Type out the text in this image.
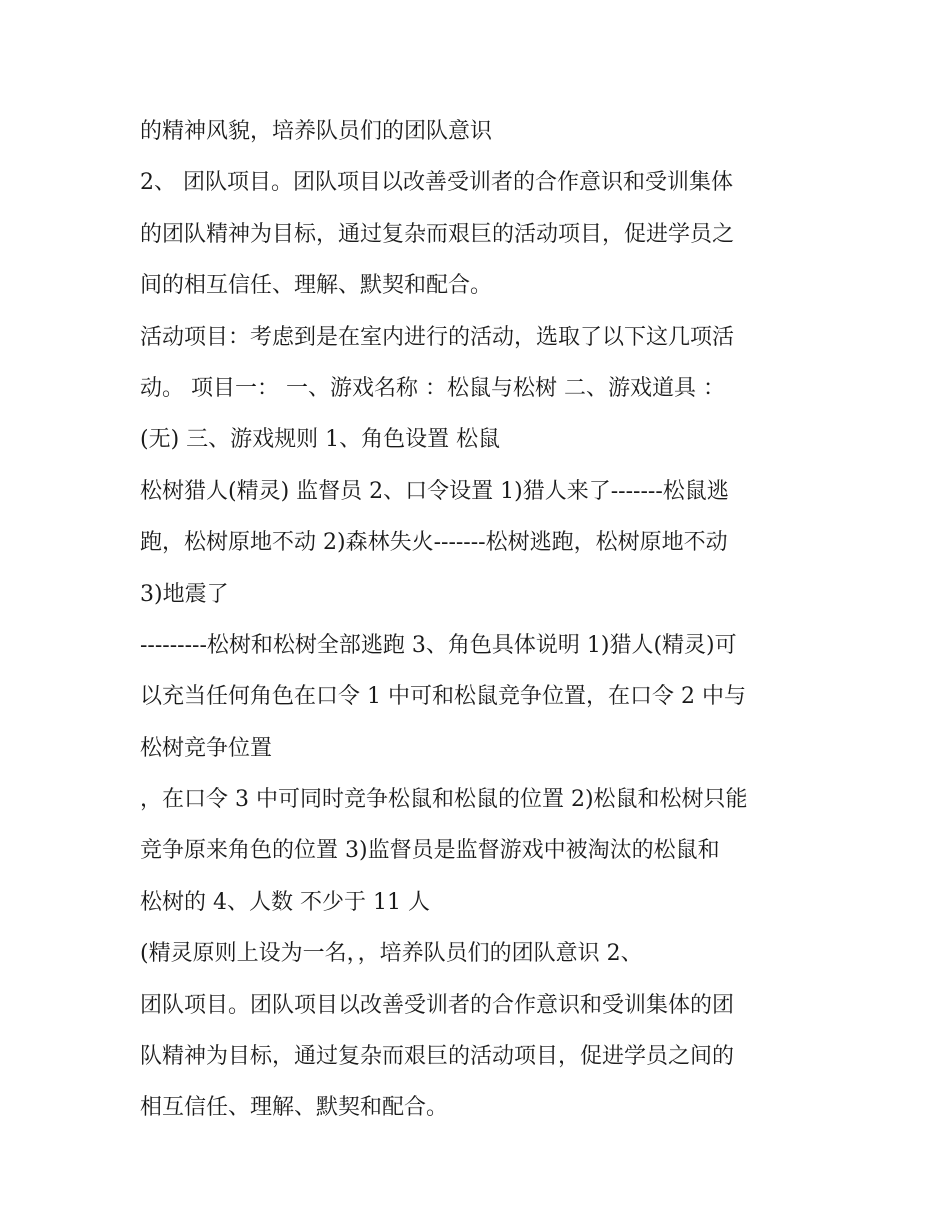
的精神风貌，培养队员们的团队意识
2、 团队项目。团队项目以改善受训者的合作意识和受训集体
的团队精神为目标，通过复杂而艰巨的活动项目，促进学员之
间的相互信任、理解、默契和配合。
活动项目：考虑到是在室内进行的活动，选取了以下这几项活
动。 项目一： 一、游戏名称 ：松鼠与松树 二、游戏道具 ：
(无) 三、游戏规则 1、角色设置 松鼠
松树猎人(精灵) 监督员 2、口令设置 1)猎人来了-------松鼠逃
跑，松树原地不动 2)森林失火-------松树逃跑，松树原地不动
3)地震了
---------松树和松树全部逃跑 3、角色具体说明 1)猎人(精灵)可
以充当任何角色在口令 1 中可和松鼠竞争位置，在口令 2 中与
松树竞争位置
，在口令 3 中可同时竞争松鼠和松鼠的位置 2)松鼠和松树只能
竞争原来角色的位置 3)监督员是监督游戏中被淘汰的松鼠和
松树的 4、人数 不少于 11 人
(精灵原则上设为一名，，培养队员们的团队意识 2、
团队项目。团队项目以改善受训者的合作意识和受训集体的团
队精神为目标，通过复杂而艰巨的活动项目，促进学员之间的
相互信任、理解、默契和配合。
